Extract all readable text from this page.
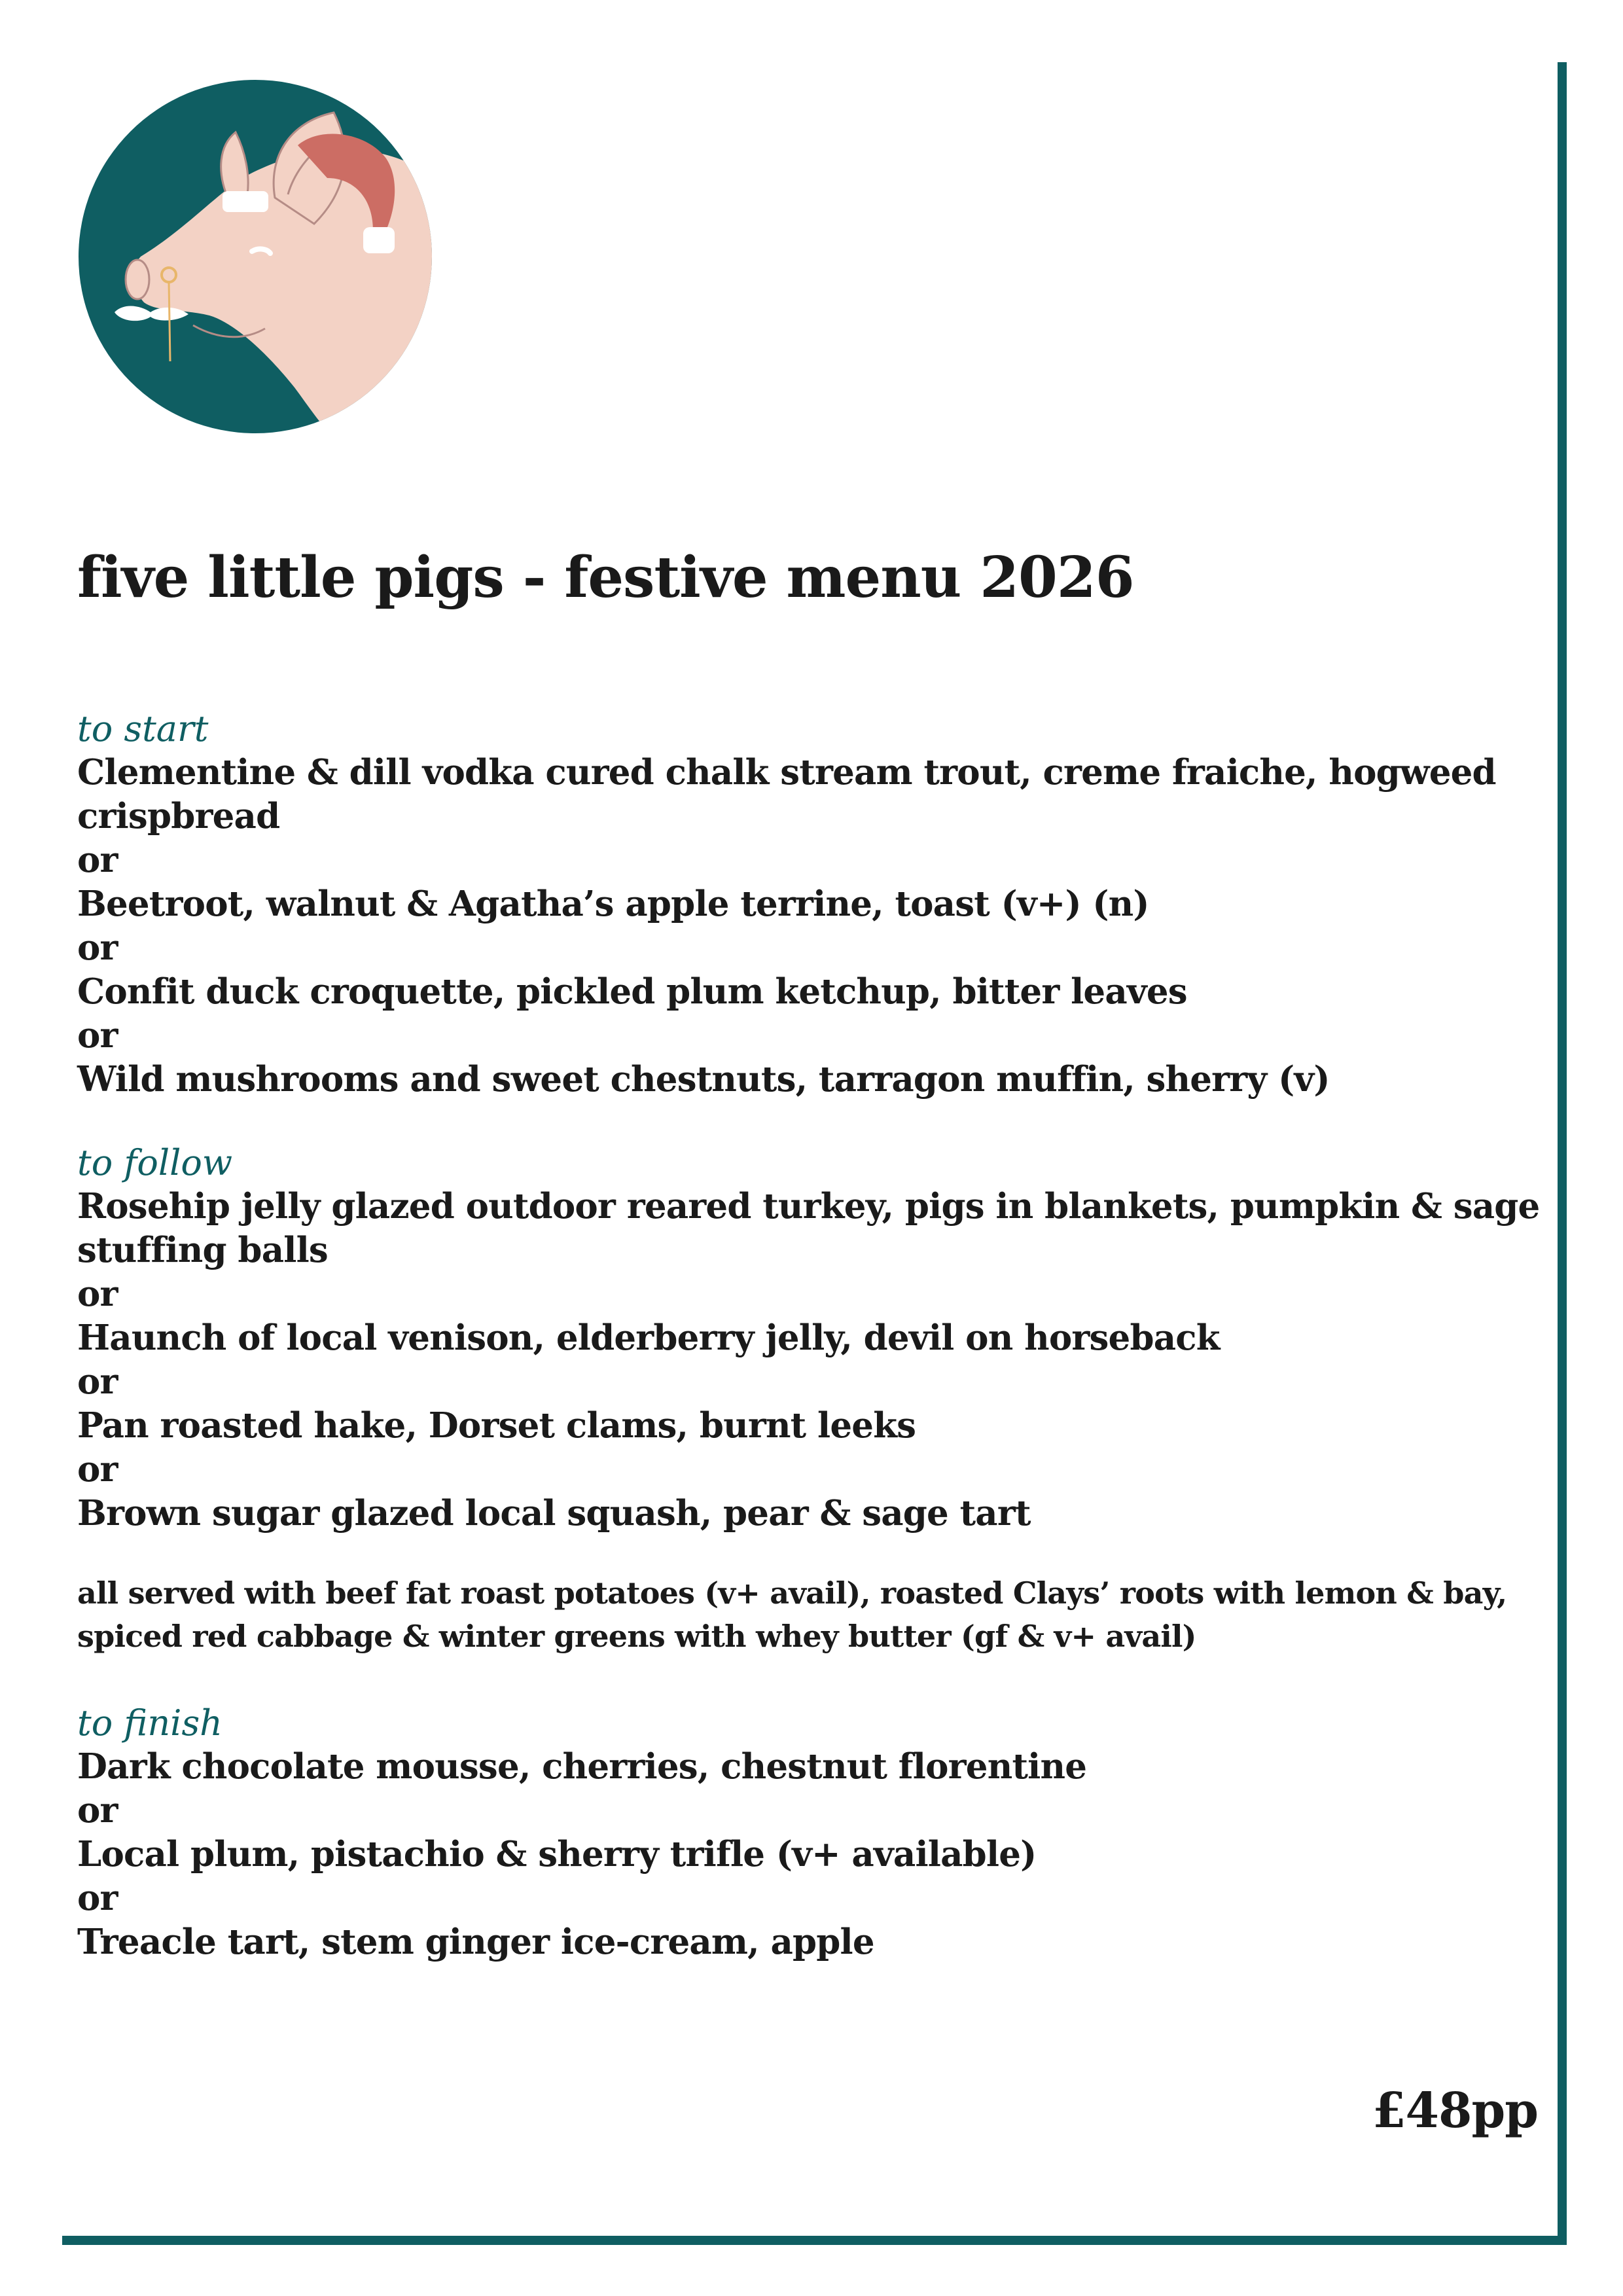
five little pigs - festive menu 2026
to start
Clementine & dill vodka cured chalk stream trout, creme fraiche, hogweed crispbread
or
Beetroot, walnut & Agatha’s apple terrine, toast (v+) (n)
or
Confit duck croquette, pickled plum ketchup, bitter leaves
or
Wild mushrooms and sweet chestnuts, tarragon muffin, sherry (v)
to follow
Rosehip jelly glazed outdoor reared turkey, pigs in blankets, pumpkin & sage stuffing balls
or
Haunch of local venison, elderberry jelly, devil on horseback
or
Pan roasted hake, Dorset clams, burnt leeks
or
Brown sugar glazed local squash, pear & sage tart
all served with beef fat roast potatoes (v+ avail), roasted Clays’ roots with lemon & bay, spiced red cabbage & winter greens with whey butter (gf & v+ avail)
to finish
Dark chocolate mousse, cherries, chestnut florentine
or
Local plum, pistachio & sherry trifle (v+ available)
or
Treacle tart, stem ginger ice-cream, apple
£48pp
